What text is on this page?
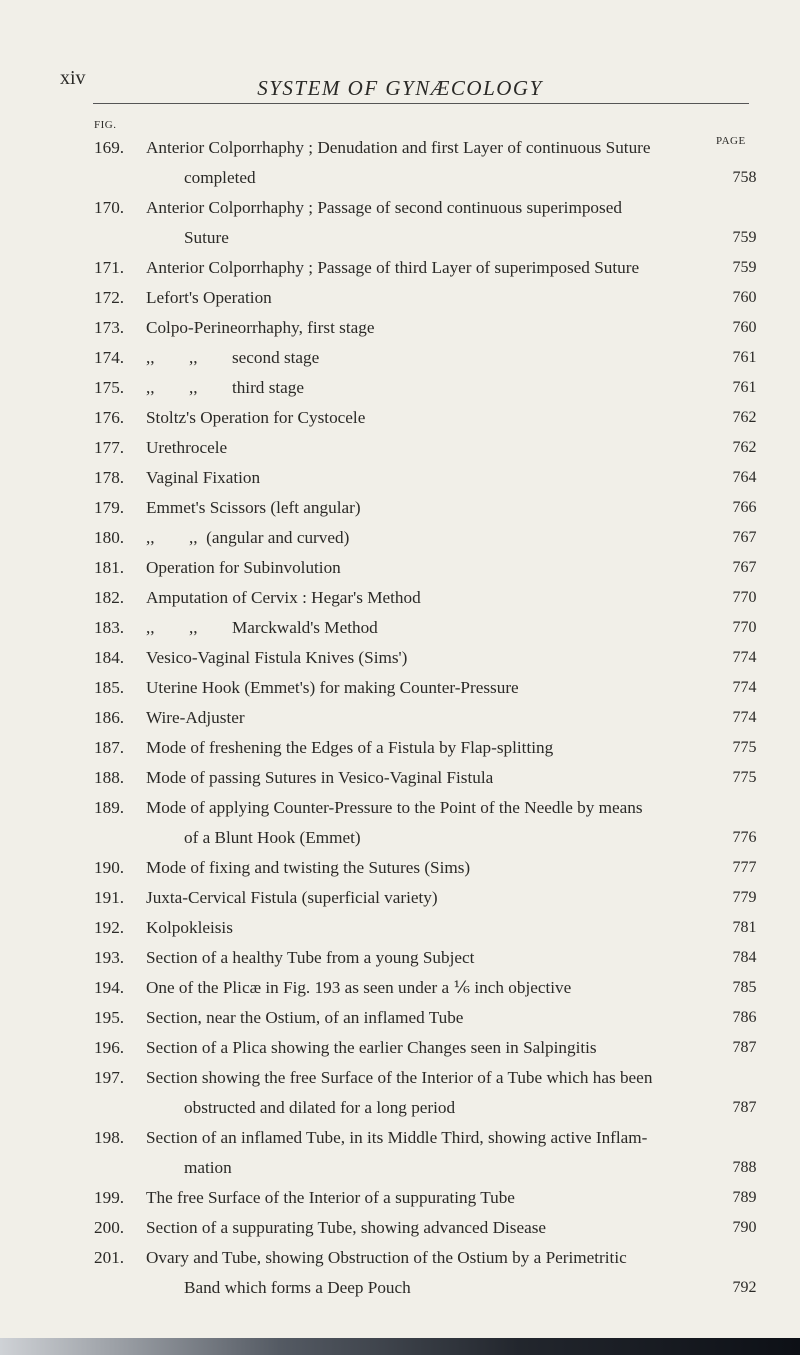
xiv	SYSTEM OF GYNÆCOLOGY
FIG.
PAGE
169. Anterior Colporrhaphy ; Denudation and first Layer of continuous Suture
completed	758
170. Anterior Colporrhaphy ; Passage of second continuous superimposed
Suture	759
171. Anterior Colporrhaphy ; Passage of third Layer of superimposed Suture	759
172. Lefort's Operation	760
173. Colpo-Perineorrhaphy, first stage	760
174. ,,        ,,        second stage	761
175. ,,        ,,        third stage	761
176. Stoltz's Operation for Cystocele	762
177. Urethrocele	762
178. Vaginal Fixation	764
179. Emmet's Scissors (left angular)	766
180. ,,        ,,  (angular and curved)	767
181. Operation for Subinvolution	767
182. Amputation of Cervix : Hegar's Method	770
183. ,,        ,,        Marckwald's Method	770
184. Vesico-Vaginal Fistula Knives (Sims')	774
185. Uterine Hook (Emmet's) for making Counter-Pressure	774
186. Wire-Adjuster	774
187. Mode of freshening the Edges of a Fistula by Flap-splitting	775
188. Mode of passing Sutures in Vesico-Vaginal Fistula	775
189. Mode of applying Counter-Pressure to the Point of the Needle by means
of a Blunt Hook (Emmet)	776
190. Mode of fixing and twisting the Sutures (Sims)	777
191. Juxta-Cervical Fistula (superficial variety)	779
192. Kolpokleisis	781
193. Section of a healthy Tube from a young Subject	784
194. One of the Plicæ in Fig. 193 as seen under a ⅙ inch objective	785
195. Section, near the Ostium, of an inflamed Tube	786
196. Section of a Plica showing the earlier Changes seen in Salpingitis	787
197. Section showing the free Surface of the Interior of a Tube which has been
obstructed and dilated for a long period	787
198. Section of an inflamed Tube, in its Middle Third, showing active Inflam-
mation	788
199. The free Surface of the Interior of a suppurating Tube	789
200. Section of a suppurating Tube, showing advanced Disease	790
201. Ovary and Tube, showing Obstruction of the Ostium by a Perimetritic
Band which forms a Deep Pouch	792
